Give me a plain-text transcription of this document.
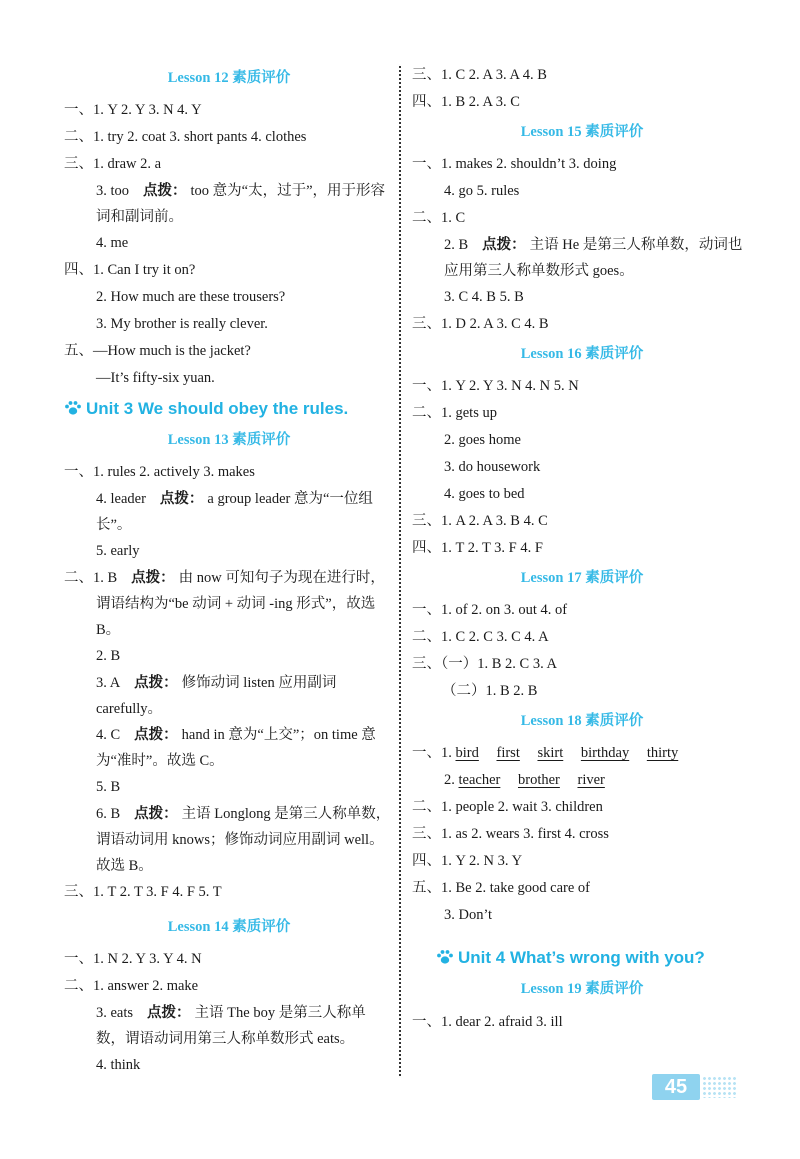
Lesson 12 素质评价
一、1. Y 2. Y 3. N 4. Y
二、1. try 2. coat 3. short pants 4. clothes
三、1. draw 2. a
3. too 点拨： too 意为“太，过于”，用于形容词和副词前。
4. me
四、1. Can I try it on?
2. How much are these trousers?
3. My brother is really clever.
五、—How much is the jacket?
—It’s fifty-six yuan.
Unit 3 We should obey the rules.
Lesson 13 素质评价
一、1. rules 2. actively 3. makes
4. leader 点拨： a group leader 意为“一位组长”。
5. early
二、1. B 点拨： 由 now 可知句子为现在进行时，谓语结构为“be 动词 + 动词 -ing 形式”，故选 B。
2. B
3. A 点拨： 修饰动词 listen 应用副词 carefully。
4. C 点拨： hand in 意为“上交”；on time 意为“准时”。故选 C。
5. B
6. B 点拨： 主语 Longlong 是第三人称单数，谓语动词用 knows；修饰动词应用副词 well。故选 B。
三、1. T 2. T 3. F 4. F 5. T
Lesson 14 素质评价
一、1. N 2. Y 3. Y 4. N
二、1. answer 2. make
3. eats 点拨： 主语 The boy 是第三人称单数，谓语动词用第三人称单数形式 eats。
4. think
三、1. C 2. A 3. A 4. B
四、1. B 2. A 3. C
Lesson 15 素质评价
一、1. makes 2. shouldn’t 3. doing
4. go 5. rules
二、1. C
2. B 点拨： 主语 He 是第三人称单数，动词也应用第三人称单数形式 goes。
3. C 4. B 5. B
三、1. D 2. A 3. C 4. B
Lesson 16 素质评价
一、1. Y 2. Y 3. N 4. N 5. N
二、1. gets up
2. goes home
3. do housework
4. goes to bed
三、1. A 2. A 3. B 4. C
四、1. T 2. T 3. F 4. F
Lesson 17 素质评价
一、1. of 2. on 3. out 4. of
二、1. C 2. C 3. C 4. A
三、（一）1. B 2. C 3. A
（二）1. B 2. B
Lesson 18 素质评价
一、1. bird first skirt birthday thirty
2. teacher brother river
二、1. people 2. wait 3. children
三、1. as 2. wears 3. first 4. cross
四、1. Y 2. N 3. Y
五、1. Be 2. take good care of
3. Don’t
Unit 4 What’s wrong with you?
Lesson 19 素质评价
一、1. dear 2. afraid 3. ill
45
